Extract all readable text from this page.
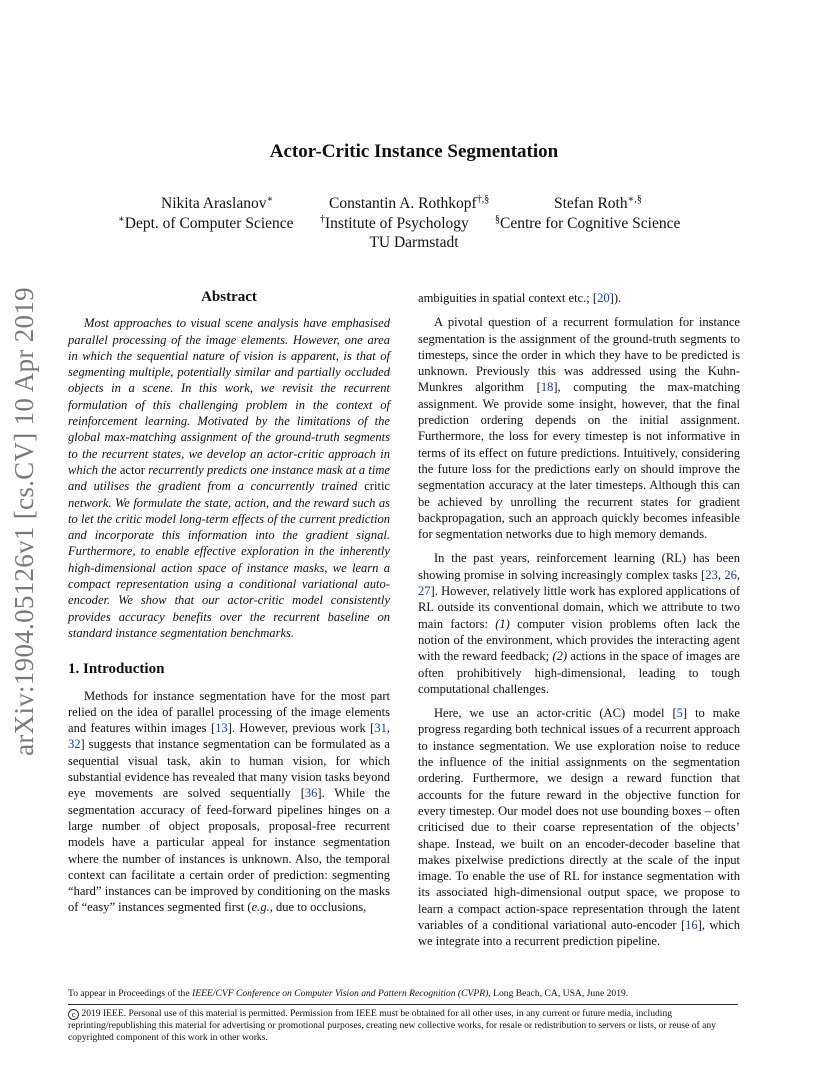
arXiv:1904.05126v1 [cs.CV] 10 Apr 2019
Actor-Critic Instance Segmentation
Nikita Araslanov∗	Constantin A. Rothkopf†,§	Stefan Roth∗,§
∗Dept. of Computer Science	†Institute of Psychology	§Centre for Cognitive Science
TU Darmstadt
Abstract

Most approaches to visual scene analysis have emphasised parallel processing of the image elements. However, one area in which the sequential nature of vision is apparent, is that of segmenting multiple, potentially similar and partially occluded objects in a scene. In this work, we revisit the recurrent formulation of this challenging problem in the context of reinforcement learning. Motivated by the limitations of the global max-matching assignment of the ground-truth segments to the recurrent states, we develop an actor-critic approach in which the actor recurrently predicts one instance mask at a time and utilises the gradient from a concurrently trained critic network. We formulate the state, action, and the reward such as to let the critic model long-term effects of the current prediction and incorporate this information into the gradient signal. Furthermore, to enable effective exploration in the inherently high-dimensional action space of instance masks, we learn a compact representation using a conditional variational auto-encoder. We show that our actor-critic model consistently provides accuracy benefits over the recurrent baseline on standard instance segmentation benchmarks.

1. Introduction

Methods for instance segmentation have for the most part relied on the idea of parallel processing of the image elements and features within images [13]. However, previous work [31, 32] suggests that instance segmentation can be formulated as a sequential visual task, akin to human vision, for which substantial evidence has revealed that many vision tasks beyond eye movements are solved sequentially [36]. While the segmentation accuracy of feed-forward pipelines hinges on a large number of object proposals, proposal-free recurrent models have a particular appeal for instance segmentation where the number of instances is unknown. Also, the temporal context can facilitate a certain order of prediction: segmenting “hard” instances can be improved by conditioning on the masks of “easy” instances segmented first (e.g., due to occlusions,

ambiguities in spatial context etc.; [20]).

A pivotal question of a recurrent formulation for instance segmentation is the assignment of the ground-truth segments to timesteps, since the order in which they have to be predicted is unknown. Previously this was addressed using the Kuhn-Munkres algorithm [18], computing the max-matching assignment. We provide some insight, however, that the final prediction ordering depends on the initial assignment. Furthermore, the loss for every timestep is not informative in terms of its effect on future predictions. Intuitively, considering the future loss for the predictions early on should improve the segmentation accuracy at the later timesteps. Although this can be achieved by unrolling the recurrent states for gradient backpropagation, such an approach quickly becomes infeasible for segmentation networks due to high memory demands.

In the past years, reinforcement learning (RL) has been showing promise in solving increasingly complex tasks [23, 26, 27]. However, relatively little work has explored applications of RL outside its conventional domain, which we attribute to two main factors: (1) computer vision problems often lack the notion of the environment, which provides the interacting agent with the reward feedback; (2) actions in the space of images are often prohibitively high-dimensional, leading to tough computational challenges.

Here, we use an actor-critic (AC) model [5] to make progress regarding both technical issues of a recurrent approach to instance segmentation. We use exploration noise to reduce the influence of the initial assignments on the segmentation ordering. Furthermore, we design a reward function that accounts for the future reward in the objective function for every timestep. Our model does not use bounding boxes – often criticised due to their coarse representation of the objects’ shape. Instead, we built on an encoder-decoder baseline that makes pixelwise predictions directly at the scale of the input image. To enable the use of RL for instance segmentation with its associated high-dimensional output space, we propose to learn a compact action-space representation through the latent variables of a conditional variational auto-encoder [16], which we integrate into a recurrent prediction pipeline.

To appear in Proceedings of the IEEE/CVF Conference on Computer Vision and Pattern Recognition (CVPR), Long Beach, CA, USA, June 2019.
c 2019 IEEE. Personal use of this material is permitted. Permission from IEEE must be obtained for all other uses, in any current or future media, including reprinting/republishing this material for advertising or promotional purposes, creating new collective works, for resale or redistribution to servers or lists, or reuse of any copyrighted component of this work in other works.
